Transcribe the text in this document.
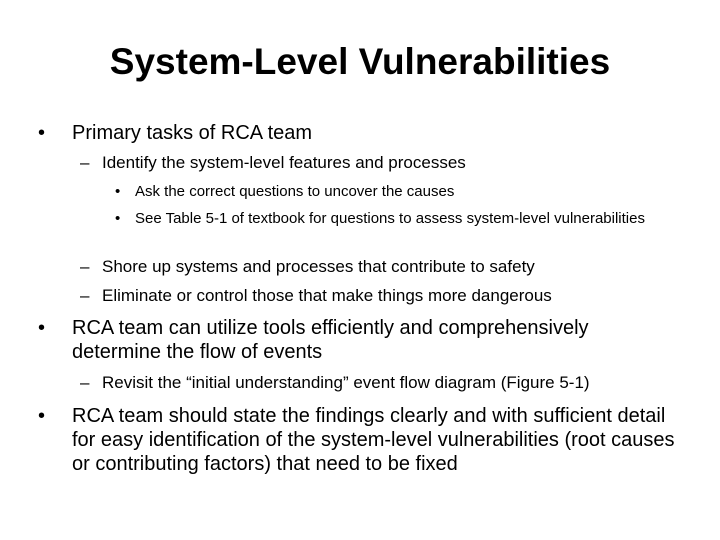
System-Level Vulnerabilities
• Primary tasks of RCA team
– Identify the system-level features and processes
• Ask the correct questions to uncover the causes
• See Table 5-1 of textbook for questions to assess system-level vulnerabilities
– Shore up systems and processes that contribute to safety
– Eliminate or control those that make things more dangerous
• RCA team can utilize tools efficiently and comprehensively determine the flow of events
– Revisit the “initial understanding” event flow diagram (Figure 5-1)
• RCA team should state the findings clearly and with sufficient detail for easy identification of the system-level vulnerabilities (root causes or contributing factors) that need to be fixed
